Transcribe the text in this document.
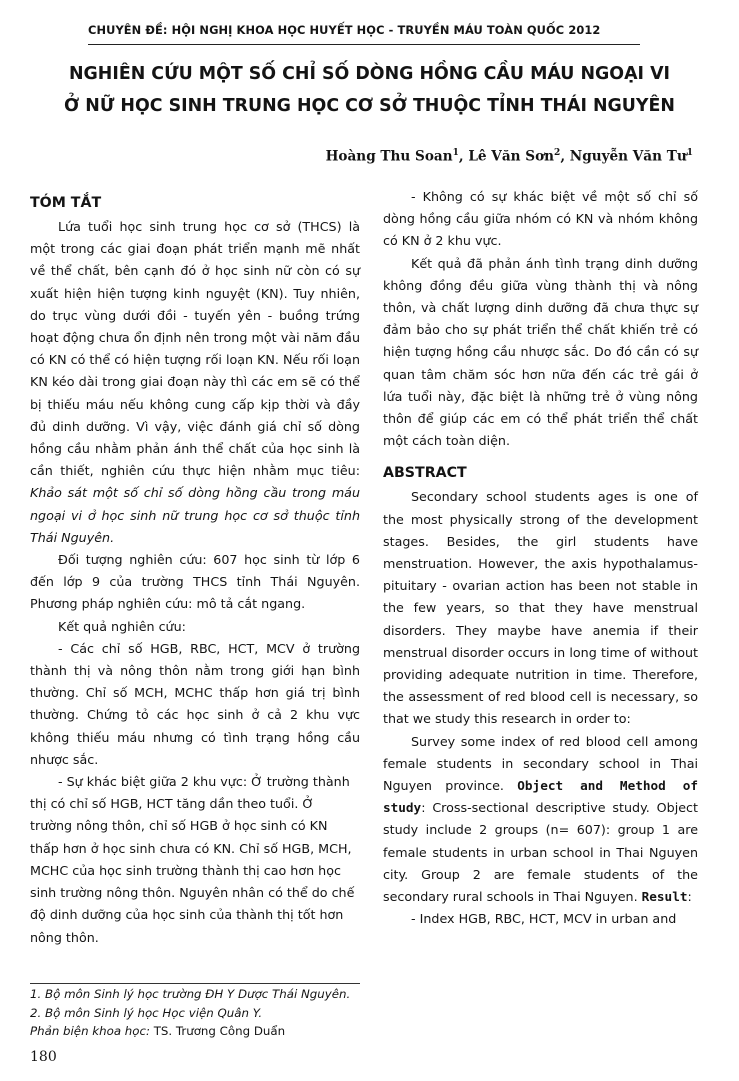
CHUYÊN ĐỀ: HỘI NGHỊ KHOA HỌC HUYẾT HỌC - TRUYỀN MÁU TOÀN QUỐC 2012
NGHIÊN CỨU MỘT SỐ CHỈ SỐ DÒNG HỒNG CẦU MÁU NGOẠI VI
Ở NỮ HỌC SINH TRUNG HỌC CƠ SỞ THUỘC TỈNH THÁI NGUYÊN
Hoàng Thu Soan$^1$, Lê Văn Sơn$^2$, Nguyễn Văn $Tư^1$
TÓM TẮT

Lứa tuổi học sinh trung học cơ sở (THCS) là một trong các giai đoạn phát triển mạnh mẽ nhất về thể chất, bên cạnh đó ở học sinh nữ còn có sự xuất hiện hiện tượng kinh nguyệt (KN). Tuy nhiên, do trục vùng dưới đồi - tuyến yên - buồng trứng hoạt động chưa ổn định nên trong một vài năm đầu có KN có thể có hiện tượng rối loạn KN. Nếu rối loạn KN kéo dài trong giai đoạn này thì các em sẽ có thể bị thiếu máu nếu không cung cấp kịp thời và đầy đủ dinh dưỡng. Vì vậy, việc đánh giá chỉ số dòng hồng cầu nhằm phản ánh thể chất của học sinh là cần thiết, nghiên cứu thực hiện nhằm mục tiêu: Khảo sát một số chỉ số dòng hồng cầu trong máu ngoại vi ở học sinh nữ trung học cơ sở thuộc tỉnh Thái Nguyên.

Đối tượng nghiên cứu: 607 học sinh từ lớp 6 đến lớp 9 của trường THCS tỉnh Thái Nguyên. Phương pháp nghiên cứu: mô tả cắt ngang.

Kết quả nghiên cứu:

- Các chỉ số HGB, RBC, HCT, MCV ở trường thành thị và nông thôn nằm trong giới hạn bình thường. Chỉ số MCH, MCHC thấp hơn giá trị bình thường. Chứng tỏ các học sinh ở cả 2 khu vực không thiếu máu nhưng có tình trạng hồng cầu nhược sắc.

- Sự khác biệt giữa 2 khu vực: Ở trường thành thị có chỉ số HGB, HCT tăng dần theo tuổi. Ở trường nông thôn, chỉ số HGB ở học sinh có KN thấp hơn ở học sinh chưa có KN. Chỉ số HGB, MCH, MCHC của học sinh trường thành thị cao hơn học sinh trường nông thôn. Nguyên nhân có thể do chế độ dinh dưỡng của học sinh của thành thị tốt hơn nông thôn.

- Không có sự khác biệt về một số chỉ số dòng hồng cầu giữa nhóm có KN và nhóm không có KN ở 2 khu vực.

Kết quả đã phản ánh tình trạng dinh dưỡng không đồng đều giữa vùng thành thị và nông thôn, và chất lượng dinh dưỡng đã chưa thực sự đảm bảo cho sự phát triển thể chất khiến trẻ có hiện tượng hồng cầu nhược sắc. Do đó cần có sự quan tâm chăm sóc hơn nữa đến các trẻ gái ở lứa tuổi này, đặc biệt là những trẻ ở vùng nông thôn để giúp các em có thể phát triển thể chất một cách toàn diện.

ABSTRACT

Secondary school students ages is one of the most physically strong of the development stages. Besides, the girl students have menstruation. However, the axis hypothalamus-pituitary - ovarian action has been not stable in the few years, so that they have menstrual disorders. They maybe have anemia if their menstrual disorder occurs in long time of without providing adequate nutrition in time. Therefore, the assessment of red blood cell is necessary, so that we study this research in order to:

Survey some index of red blood cell among female students in secondary school in Thai Nguyen province. Object and Method of study: Cross-sectional descriptive study. Object study include 2 groups (n= 607): group 1 are female students in urban school in Thai Nguyen city. Group 2 are female students of the secondary rural schools in Thai Nguyen. Result:

- Index HGB, RBC, HCT, MCV in urban and

1. Bộ môn Sinh lý học trường ĐH Y Dược Thái Nguyên.
2. Bộ môn Sinh lý học Học viện Quân Y.
Phản biện khoa học: TS. Trương Công Duẩn
180
